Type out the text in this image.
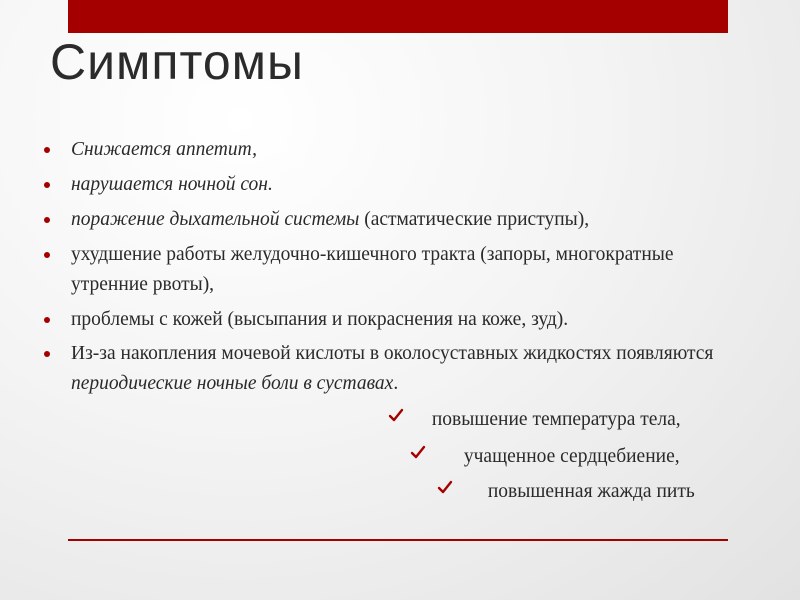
Симптомы
Снижается аппетит,
нарушается ночной сон.
поражение дыхательной системы (астматические приступы),
ухудшение работы желудочно-кишечного тракта (запоры, многократные утренние рвоты),
проблемы с кожей (высыпания и покраснения на коже, зуд).
Из-за накопления мочевой кислоты в околосуставных жидкостях появляются периодические ночные боли в суставах.
повышение температура тела,
учащенное сердцебиение,
повышенная жажда пить
